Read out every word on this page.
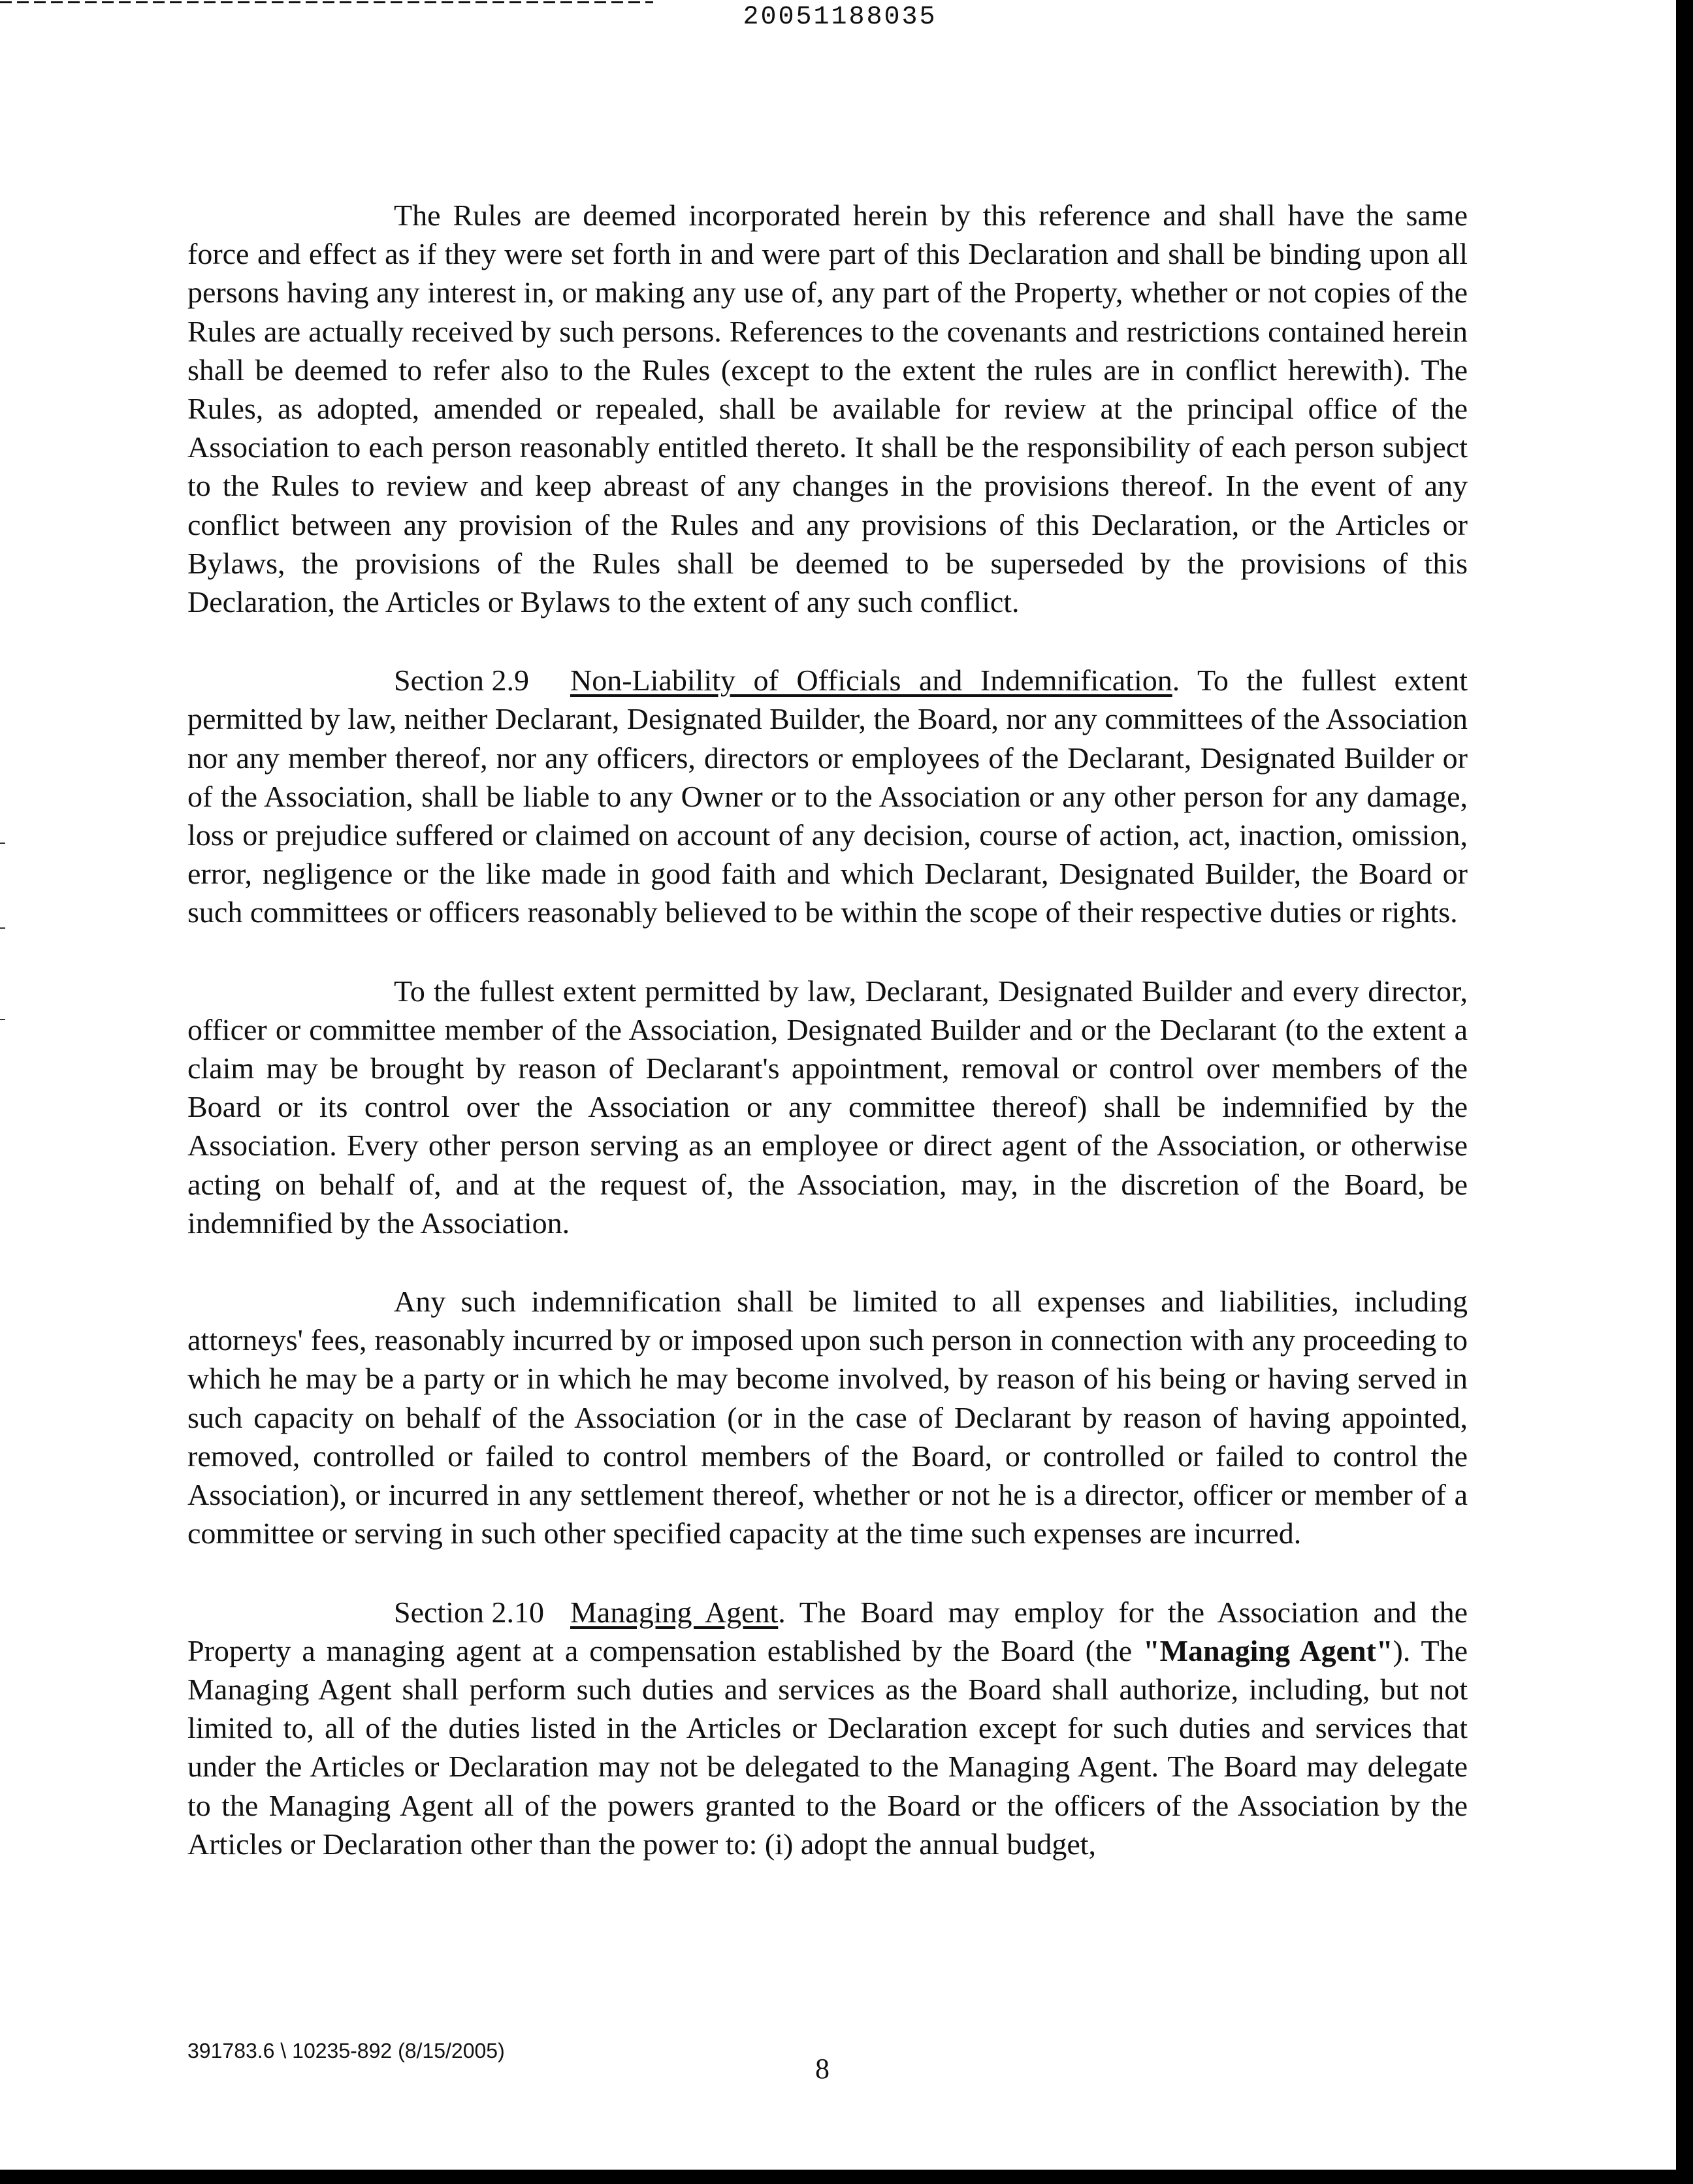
20051188035

The Rules are deemed incorporated herein by this reference and shall have the same force and effect as if they were set forth in and were part of this Declaration and shall be binding upon all persons having any interest in, or making any use of, any part of the Property, whether or not copies of the Rules are actually received by such persons. References to the covenants and restrictions contained herein shall be deemed to refer also to the Rules (except to the extent the rules are in conflict herewith). The Rules, as adopted, amended or repealed, shall be available for review at the principal office of the Association to each person reasonably entitled thereto. It shall be the responsibility of each person subject to the Rules to review and keep abreast of any changes in the provisions thereof. In the event of any conflict between any provision of the Rules and any provisions of this Declaration, or the Articles or Bylaws, the provisions of the Rules shall be deemed to be superseded by the provisions of this Declaration, the Articles or Bylaws to the extent of any such conflict.

Section 2.9 Non-Liability of Officials and Indemnification. To the fullest extent permitted by law, neither Declarant, Designated Builder, the Board, nor any committees of the Association nor any member thereof, nor any officers, directors or employees of the Declarant, Designated Builder or of the Association, shall be liable to any Owner or to the Association or any other person for any damage, loss or prejudice suffered or claimed on account of any decision, course of action, act, inaction, omission, error, negligence or the like made in good faith and which Declarant, Designated Builder, the Board or such committees or officers reasonably believed to be within the scope of their respective duties or rights.

To the fullest extent permitted by law, Declarant, Designated Builder and every director, officer or committee member of the Association, Designated Builder and or the Declarant (to the extent a claim may be brought by reason of Declarant's appointment, removal or control over members of the Board or its control over the Association or any committee thereof) shall be indemnified by the Association. Every other person serving as an employee or direct agent of the Association, or otherwise acting on behalf of, and at the request of, the Association, may, in the discretion of the Board, be indemnified by the Association.

Any such indemnification shall be limited to all expenses and liabilities, including attorneys' fees, reasonably incurred by or imposed upon such person in connection with any proceeding to which he may be a party or in which he may become involved, by reason of his being or having served in such capacity on behalf of the Association (or in the case of Declarant by reason of having appointed, removed, controlled or failed to control members of the Board, or controlled or failed to control the Association), or incurred in any settlement thereof, whether or not he is a director, officer or member of a committee or serving in such other specified capacity at the time such expenses are incurred.

Section 2.10 Managing Agent. The Board may employ for the Association and the Property a managing agent at a compensation established by the Board (the "Managing Agent"). The Managing Agent shall perform such duties and services as the Board shall authorize, including, but not limited to, all of the duties listed in the Articles or Declaration except for such duties and services that under the Articles or Declaration may not be delegated to the Managing Agent. The Board may delegate to the Managing Agent all of the powers granted to the Board or the officers of the Association by the Articles or Declaration other than the power to: (i) adopt the annual budget,

391783.6 \ 10235-892 (8/15/2005)
8
